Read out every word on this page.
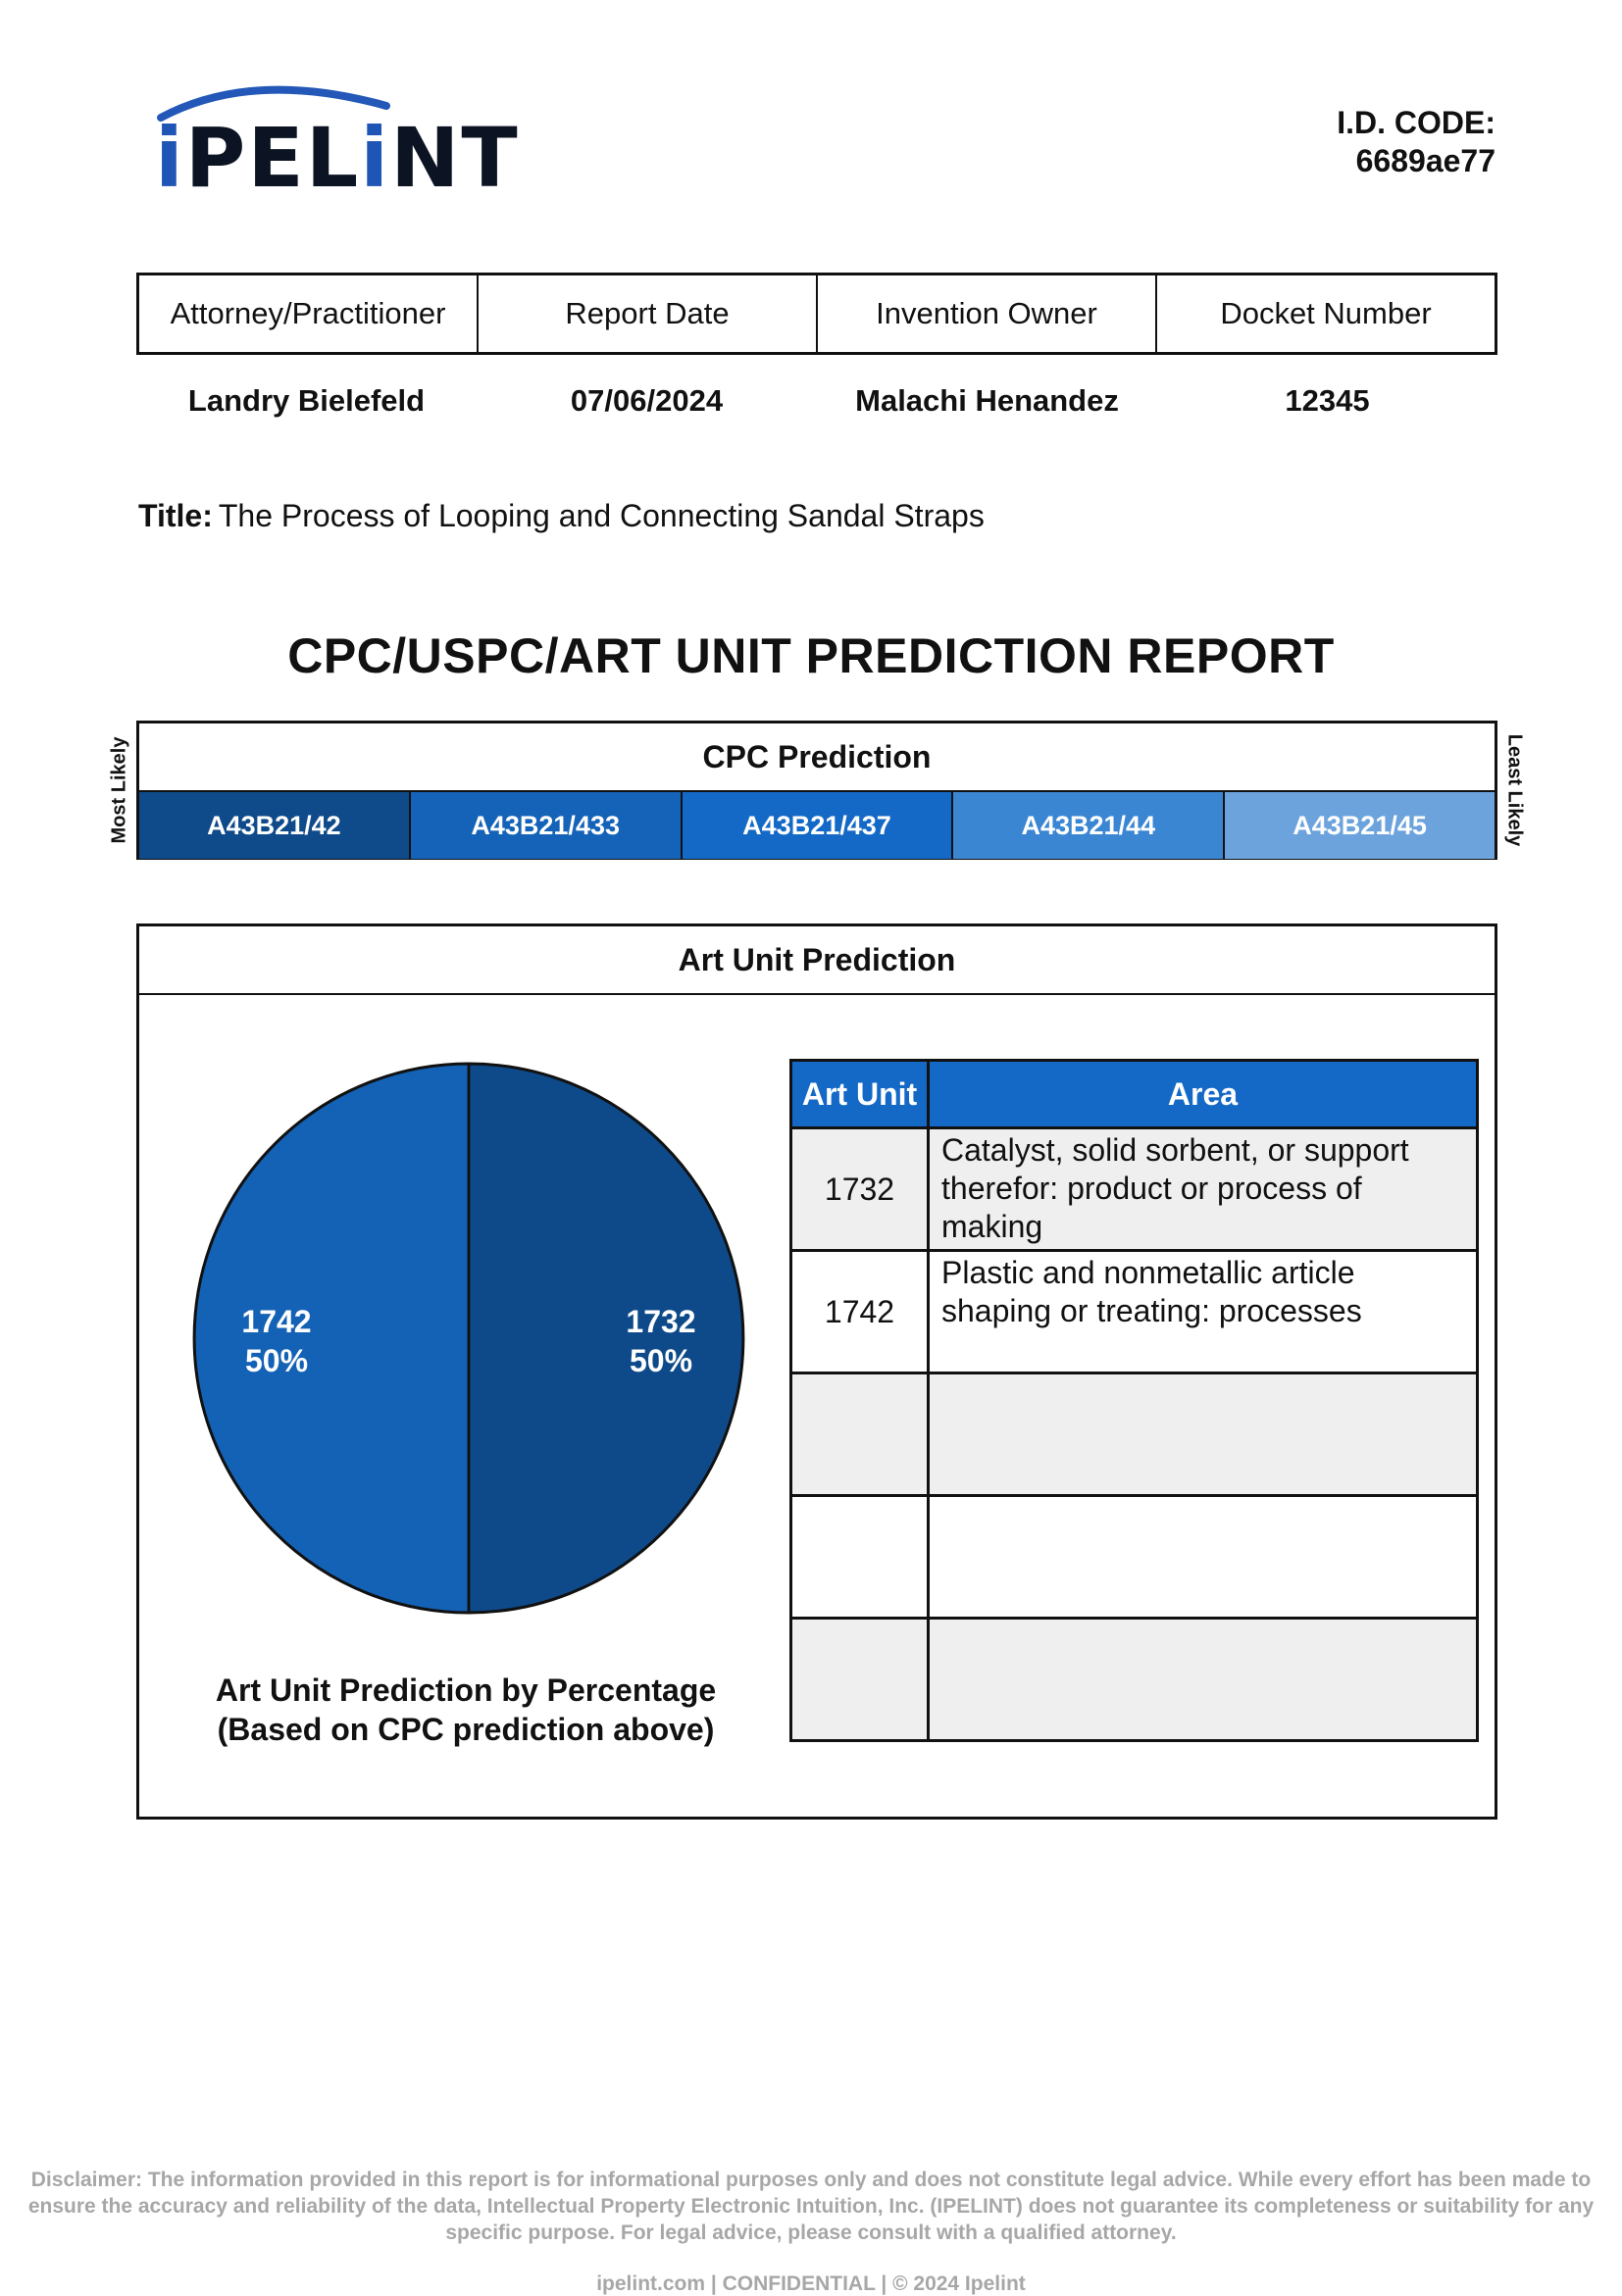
iPELiNT	I.D. CODE:
6689ae77
Attorney/Practitioner	Report Date	Invention Owner	Docket Number
Landry Bielefeld	07/06/2024	Malachi Henandez	12345
Title: The Process of Looping and Connecting Sandal Straps
CPC/USPC/ART UNIT PREDICTION REPORT
Most Likely	Least Likely
CPC Prediction
A43B21/42	A43B21/433	A43B21/437	A43B21/44	A43B21/45
Art Unit Prediction
1732
50%
1742
50%
Art Unit Prediction by Percentage
(Based on CPC prediction above)
Art Unit	Area
1732	Catalyst, solid sorbent, or support therefor: product or process of making
1742	Plastic and nonmetallic article shaping or treating: processes

Disclaimer: The information provided in this report is for informational purposes only and does not constitute legal advice. While every effort has been made to ensure the accuracy and reliability of the data, Intellectual Property Electronic Intuition, Inc. (IPELINT) does not guarantee its completeness or suitability for any specific purpose. For legal advice, please consult with a qualified attorney.
ipelint.com | CONFIDENTIAL | © 2024 Ipelint
